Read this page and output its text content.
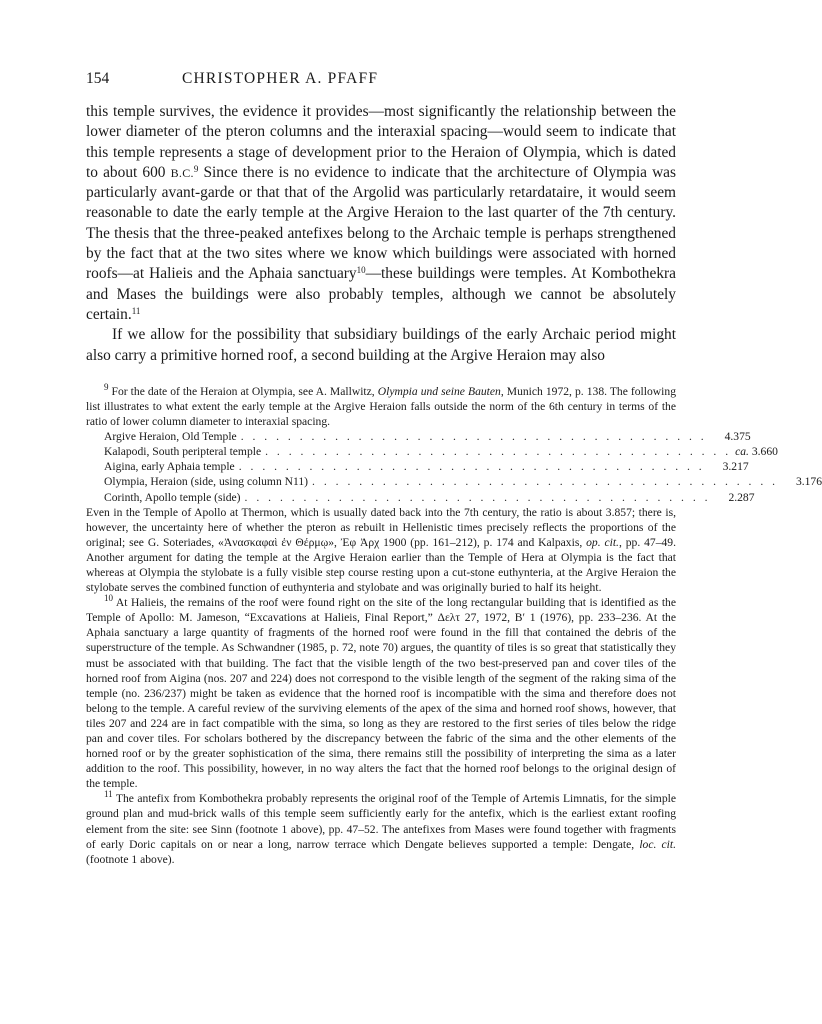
154	CHRISTOPHER A. PFAFF

this temple survives, the evidence it provides—most significantly the relationship between the lower diameter of the pteron columns and the interaxial spacing—would seem to indicate that this temple represents a stage of development prior to the Heraion of Olympia, which is dated to about 600 B.C.$^9$ Since there is no evidence to indicate that the architecture of Olympia was particularly avant-garde or that that of the Argolid was particularly retardataire, it would seem reasonable to date the early temple at the Argive Heraion to the last quarter of the 7th century. The thesis that the three-peaked antefixes belong to the Archaic temple is perhaps strengthened by the fact that at the two sites where we know which buildings were associated with horned roofs—at Halieis and the Aphaia sanctuary$^{10}$—these buildings were temples. At Kombothekra and Mases the buildings were also probably temples, although we cannot be absolutely certain.$^{11}$

If we allow for the possibility that subsidiary buildings of the early Archaic period might also carry a primitive horned roof, a second building at the Argive Heraion may also

$^9$ For the date of the Heraion at Olympia, see A. Mallwitz, Olympia und seine Bauten, Munich 1972, p. 138. The following list illustrates to what extent the early temple at the Argive Heraion falls outside the norm of the 6th century in terms of the ratio of lower column diameter to interaxial spacing.

Argive Heraion, Old Temple . . . . . . . . . . . . . . . . . . . . . . . . . . . . . . . . . . . . . . . .	4.375
Kalapodi, South peripteral temple . . . . . . . . . . . . . . . . . . . . . . . . . . . . . . . . . . . . . . . . ca. 3.660
Aigina, early Aphaia temple . . . . . . . . . . . . . . . . . . . . . . . . . . . . . . . . . . . . . . . .	3.217
Olympia, Heraion (side, using column N11) . . . . . . . . . . . . . . . . . . . . . . . . . . . . . . . . . . . . . . . .	3.176
Corinth, Apollo temple (side) . . . . . . . . . . . . . . . . . . . . . . . . . . . . . . . . . . . . . . . .	2.287

Even in the Temple of Apollo at Thermon, which is usually dated back into the 7th century, the ratio is about 3.857; there is, however, the uncertainty here of whether the pteron as rebuilt in Hellenistic times precisely reflects the proportions of the original; see G. Soteriades, «Ἀνασκαφαὶ ἐν Θέρμῳ», Ἐφ Ἀρχ 1900 (pp. 161–212), p. 174 and Kalpaxis, op. cit., pp. 47–49. Another argument for dating the temple at the Argive Heraion earlier than the Temple of Hera at Olympia is the fact that whereas at Olympia the stylobate is a fully visible step course resting upon a cut-stone euthynteria, at the Argive Heraion the stylobate serves the combined function of euthynteria and stylobate and was originally buried to half its height.

$^{10}$ At Halieis, the remains of the roof were found right on the site of the long rectangular building that is identified as the Temple of Apollo: M. Jameson, “Excavations at Halieis, Final Report,” Δελτ 27, 1972, Β′ 1 (1976), pp. 233–236. At the Aphaia sanctuary a large quantity of fragments of the horned roof were found in the fill that contained the debris of the superstructure of the temple. As Schwandner (1985, p. 72, note 70) argues, the quantity of tiles is so great that statistically they must be associated with that building. The fact that the visible length of the two best-preserved pan and cover tiles of the horned roof from Aigina (nos. 207 and 224) does not correspond to the visible length of the segment of the raking sima of the temple (no. 236/237) might be taken as evidence that the horned roof is incompatible with the sima and therefore does not belong to the temple. A careful review of the surviving elements of the apex of the sima and horned roof shows, however, that tiles 207 and 224 are in fact compatible with the sima, so long as they are restored to the first series of tiles below the ridge pan and cover tiles. For scholars bothered by the discrepancy between the fabric of the sima and the other elements of the horned roof or by the greater sophistication of the sima, there remains still the possibility of interpreting the sima as a later addition to the roof. This possibility, however, in no way alters the fact that the horned roof belongs to the original design of the temple.

$^{11}$ The antefix from Kombothekra probably represents the original roof of the Temple of Artemis Limnatis, for the simple ground plan and mud-brick walls of this temple seem sufficiently early for the antefix, which is the earliest extant roofing element from the site: see Sinn (footnote 1 above), pp. 47–52. The antefixes from Mases were found together with fragments of early Doric capitals on or near a long, narrow terrace which Dengate believes supported a temple: Dengate, loc. cit. (footnote 1 above).
